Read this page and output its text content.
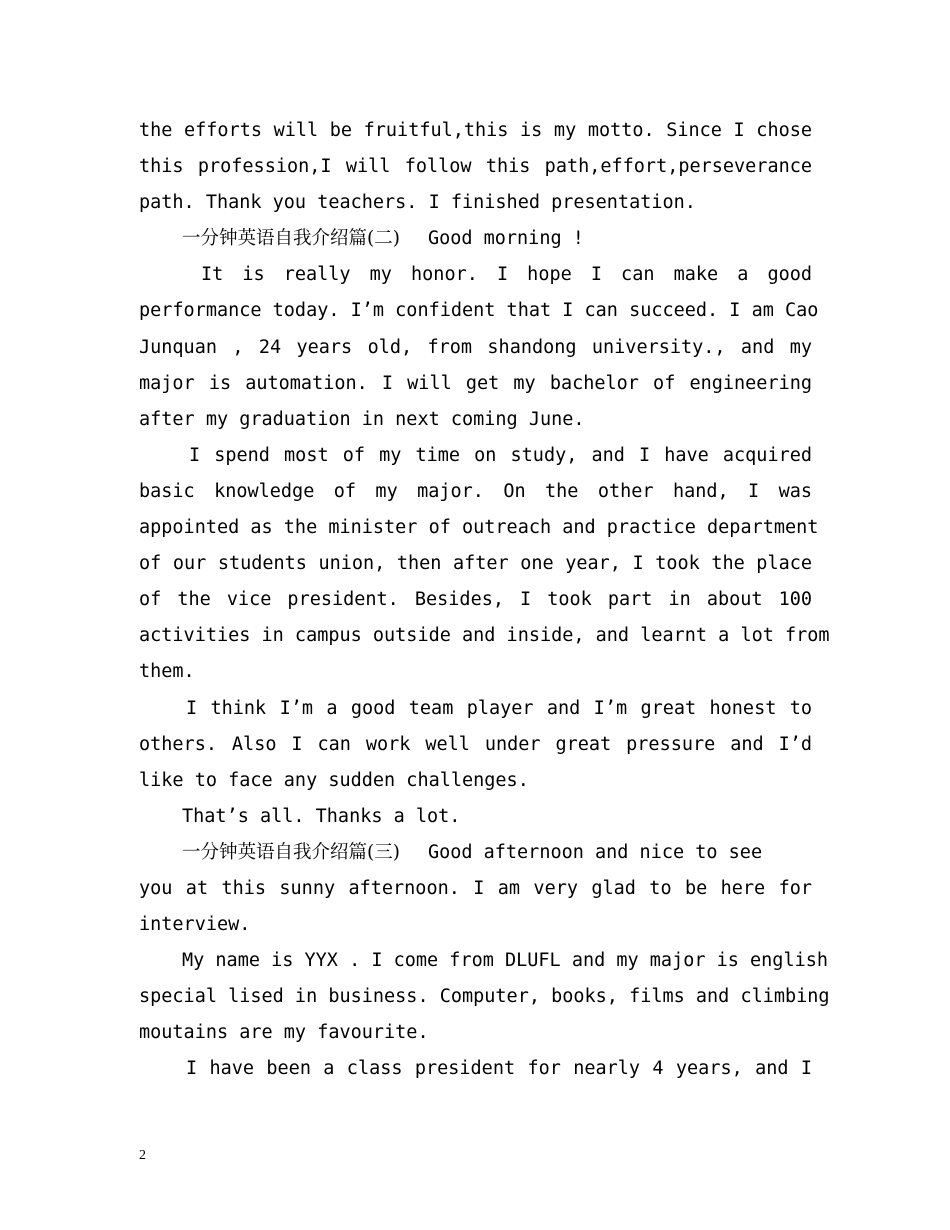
the efforts will be fruitful,this is my motto. Since I chose
this profession,I will follow this path,effort,perseverance
path. Thank you teachers. I finished presentation.
一分钟英语自我介绍篇(二) Good morning !
It is really my honor. I hope I can make a good
performance today. I’m confident that I can succeed. I am Cao
Junquan , 24 years old, from shandong university., and my
major is automation. I will get my bachelor of engineering
after my graduation in next coming June.
I spend most of my time on study, and I have acquired
basic knowledge of my major. On the other hand, I was
appointed as the minister of outreach and practice department
of our students union, then after one year, I took the place
of the vice president. Besides, I took part in about 100
activities in campus outside and inside, and learnt a lot from
them.
I think I’m a good team player and I’m great honest to
others. Also I can work well under great pressure and I’d
like to face any sudden challenges.
That’s all. Thanks a lot.
一分钟英语自我介绍篇(三) Good afternoon and nice to see
you at this sunny afternoon. I am very glad to be here for
interview.
My name is YYX . I come from DLUFL and my major is english
special lised in business. Computer, books, films and climbing
moutains are my favourite.
I have been a class president for nearly 4 years, and I
2
